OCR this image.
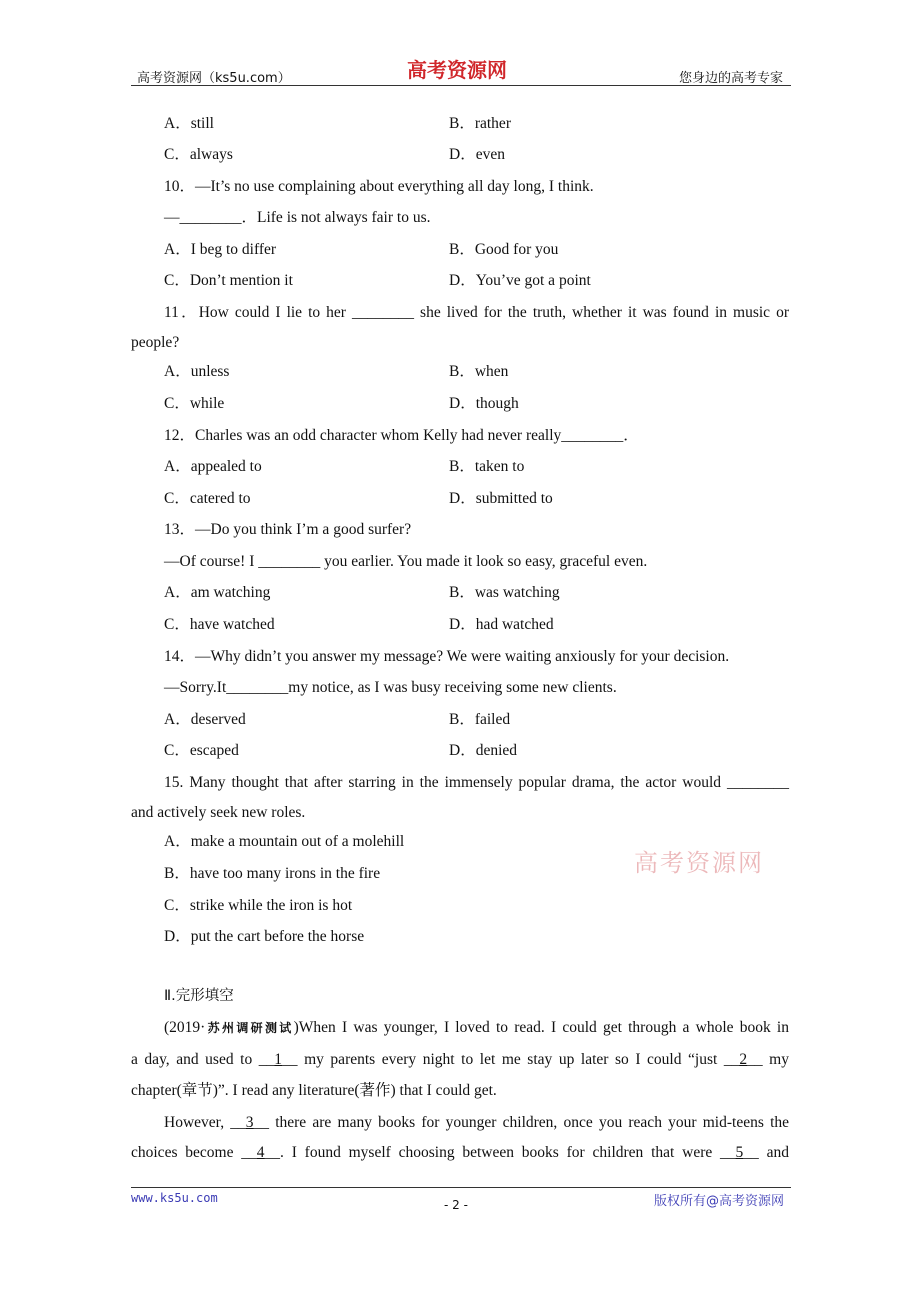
高考资源网（ks5u.com）	高考资源网	您身边的高考专家
A．still	B．rather
C．always	D．even
10．—It’s no use complaining about everything all day long, I think.
—________．Life is not always fair to us.
A．I beg to differ	B．Good for you
C．Don’t mention it	D．You’ve got a point
11．How could I lie to her ________ she lived for the truth, whether it was found in music or
people?
A．unless	B．when
C．while	D．though
12．Charles was an odd character whom Kelly had never really________．
A．appealed to	B．taken to
C．catered to	D．submitted to
13．—Do you think I’m a good surfer?
—Of course! I ________ you earlier. You made it look so easy, graceful even.
A．am watching	B．was watching
C．have watched	D．had watched
14．—Why didn’t you answer my message? We were waiting anxiously for your decision.
—Sorry.It________my notice, as I was busy receiving some new clients.
A．deserved	B．failed
C．escaped	D．denied
15. Many thought that after starring in the immensely popular drama, the actor would ________
and actively seek new roles.
A．make a mountain out of a molehill
B．have too many irons in the fire
C．strike while the iron is hot
D．put the cart before the horse
高考资源网
Ⅱ.完形填空
(2019·苏州调研测试)When I was younger, I loved to read. I could get through a whole book in
a day, and used to __1__ my parents every night to let me stay up later so I could “just __2__ my
chapter(章节)”. I read any literature(著作) that I could get.
However, __3__ there are many books for younger children, once you reach your mid‑teens the
choices become __4__. I found myself choosing between books for children that were __5__ and
www.ks5u.com	- 2 -	版权所有@高考资源网
